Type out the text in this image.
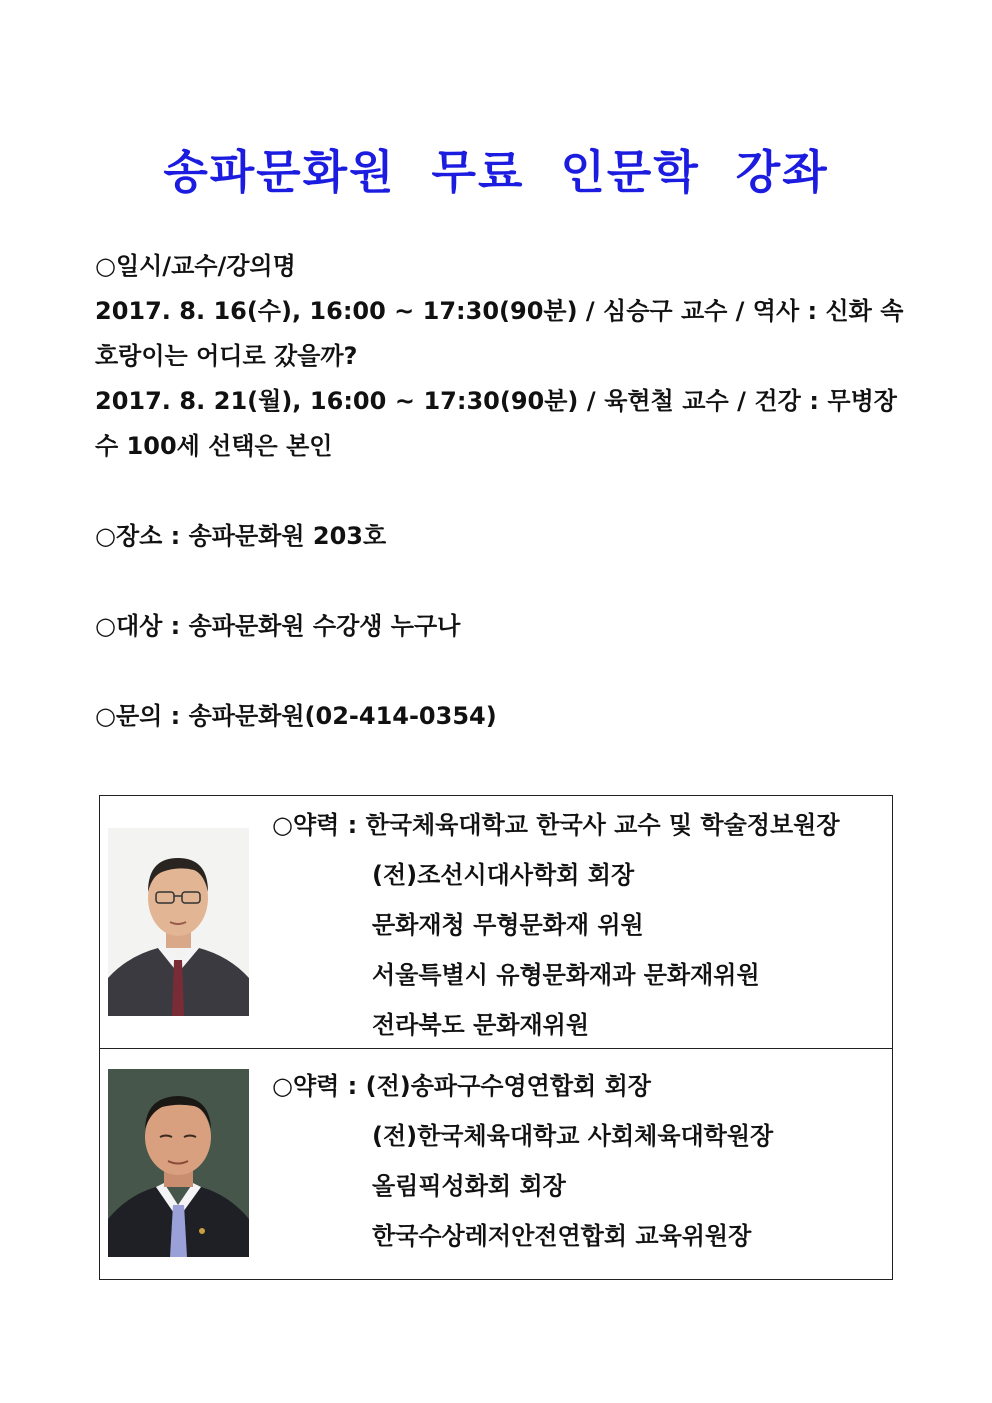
송파문화원 무료 인문학 강좌
○일시/교수/강의명
2017. 8. 16(수), 16:00 ~ 17:30(90분) / 심승구 교수 / 역사 : 신화 속
호랑이는 어디로 갔을까?
2017. 8. 21(월), 16:00 ~ 17:30(90분) / 육현철 교수 / 건강 : 무병장
수 100세 선택은 본인
○장소 : 송파문화원 203호
○대상 : 송파문화원 수강생 누구나
○문의 : 송파문화원(02-414-0354)
○약력 : 한국체육대학교 한국사 교수 및 학술정보원장
(전)조선시대사학회 회장
문화재청 무형문화재 위원
서울특별시 유형문화재과 문화재위원
전라북도 문화재위원
○약력 : (전)송파구수영연합회 회장
(전)한국체육대학교 사회체육대학원장
올림픽성화회 회장
한국수상레저안전연합회 교육위원장
